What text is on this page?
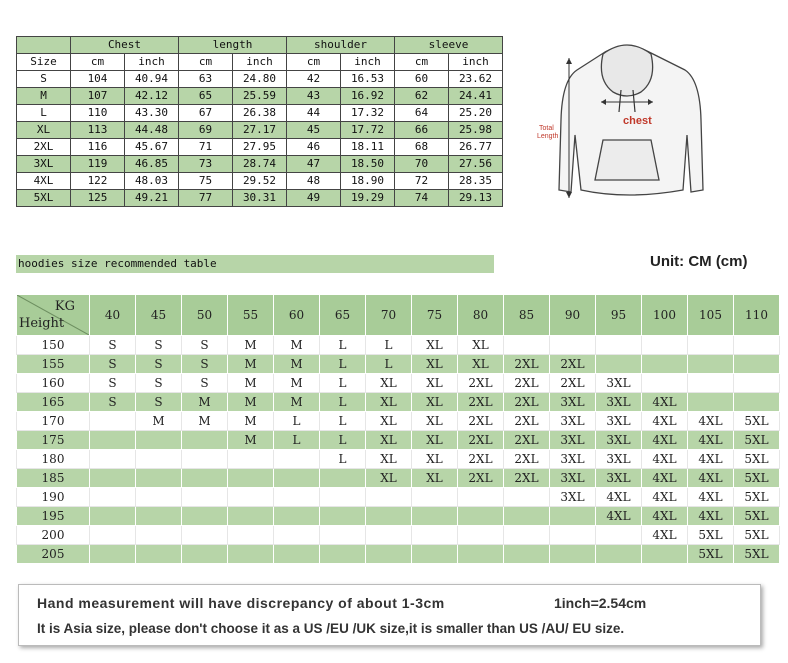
	Chest		length		shoulder		sleeve	
Size	cm	inch	cm	inch	cm	inch	cm	inch
S	104	40.94	63	24.80	42	16.53	60	23.62
M	107	42.12	65	25.59	43	16.92	62	24.41
L	110	43.30	67	26.38	44	17.32	64	25.20
XL	113	44.48	69	27.17	45	17.72	66	25.98
2XL	116	45.67	71	27.95	46	18.11	68	26.77
3XL	119	46.85	73	28.74	47	18.50	70	27.56
4XL	122	48.03	75	29.52	48	18.90	72	28.35
5XL	125	49.21	77	30.31	49	19.29	74	29.13
chest
Total
Length
hoodies size recommended table	Unit: CM (cm)
KG
Height	40	45	50	55	60	65	70	75	80	85	90	95	100	105	110
150	S	S	S	M	M	L	L	XL	XL						
155	S	S	S	M	M	L	L	XL	XL	2XL	2XL				
160	S	S	S	M	M	L	XL	XL	2XL	2XL	2XL	3XL			
165	S	S	M	M	M	L	XL	XL	2XL	2XL	3XL	3XL	4XL		
170		M	M	M	L	L	XL	XL	2XL	2XL	3XL	3XL	4XL	4XL	5XL
175				M	L	L	XL	XL	2XL	2XL	3XL	3XL	4XL	4XL	5XL
180						L	XL	XL	2XL	2XL	3XL	3XL	4XL	4XL	5XL
185							XL	XL	2XL	2XL	3XL	3XL	4XL	4XL	5XL
190											3XL	4XL	4XL	4XL	5XL
195												4XL	4XL	4XL	5XL
200													4XL	5XL	5XL
205														5XL	5XL
Hand measurement will have discrepancy of about 1-3cm	1inch=2.54cm
It is Asia size, please don't choose it as a US /EU /UK size,it is smaller than US /AU/ EU size.
